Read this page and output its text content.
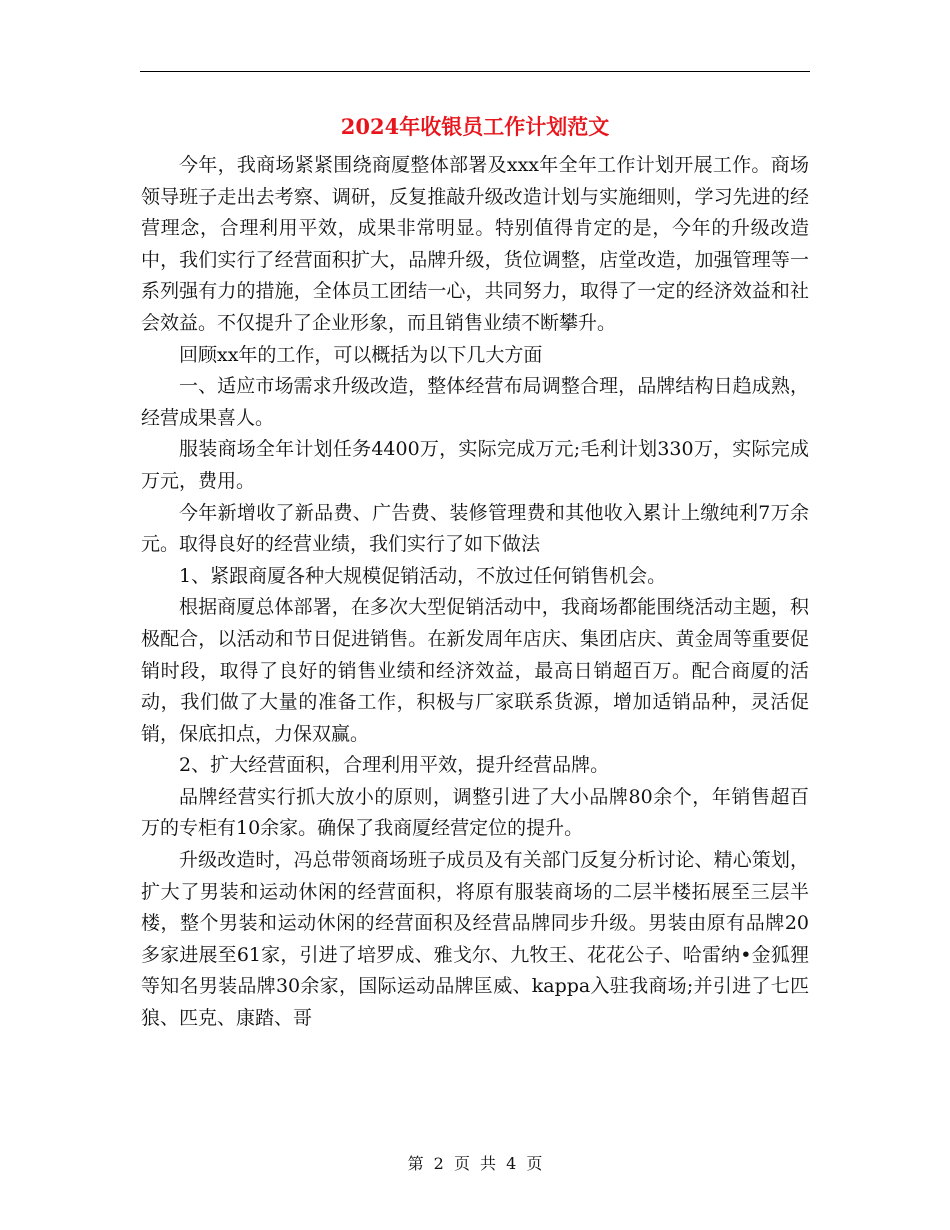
2024年收银员工作计划范文

今年，我商场紧紧围绕商厦整体部署及xxx年全年工作计划开展工作。商场领导班子走出去考察、调研，反复推敲升级改造计划与实施细则，学习先进的经营理念，合理利用平效，成果非常明显。特别值得肯定的是，今年的升级改造中，我们实行了经营面积扩大，品牌升级，货位调整，店堂改造，加强管理等一系列强有力的措施，全体员工团结一心，共同努力，取得了一定的经济效益和社会效益。不仅提升了企业形象，而且销售业绩不断攀升。

回顾xx年的工作，可以概括为以下几大方面

一、适应市场需求升级改造，整体经营布局调整合理，品牌结构日趋成熟，经营成果喜人。

服装商场全年计划任务4400万，实际完成万元;毛利计划330万，实际完成万元，费用。

今年新增收了新品费、广告费、装修管理费和其他收入累计上缴纯利7万余元。取得良好的经营业绩，我们实行了如下做法

1、紧跟商厦各种大规模促销活动，不放过任何销售机会。

根据商厦总体部署，在多次大型促销活动中，我商场都能围绕活动主题，积极配合，以活动和节日促进销售。在新发周年店庆、集团店庆、黄金周等重要促销时段，取得了良好的销售业绩和经济效益，最高日销超百万。配合商厦的活动，我们做了大量的准备工作，积极与厂家联系货源，增加适销品种，灵活促销，保底扣点，力保双赢。

2、扩大经营面积，合理利用平效，提升经营品牌。

品牌经营实行抓大放小的原则，调整引进了大小品牌80余个，年销售超百万的专柜有10余家。确保了我商厦经营定位的提升。

升级改造时，冯总带领商场班子成员及有关部门反复分析讨论、精心策划，扩大了男装和运动休闲的经营面积，将原有服装商场的二层半楼拓展至三层半楼，整个男装和运动休闲的经营面积及经营品牌同步升级。男装由原有品牌20多家进展至61家，引进了培罗成、雅戈尔、九牧王、花花公子、哈雷纳•金狐狸等知名男装品牌30余家，国际运动品牌匡威、kappa入驻我商场;并引进了七匹狼、匹克、康踏、哥

第 2 页 共 4 页
